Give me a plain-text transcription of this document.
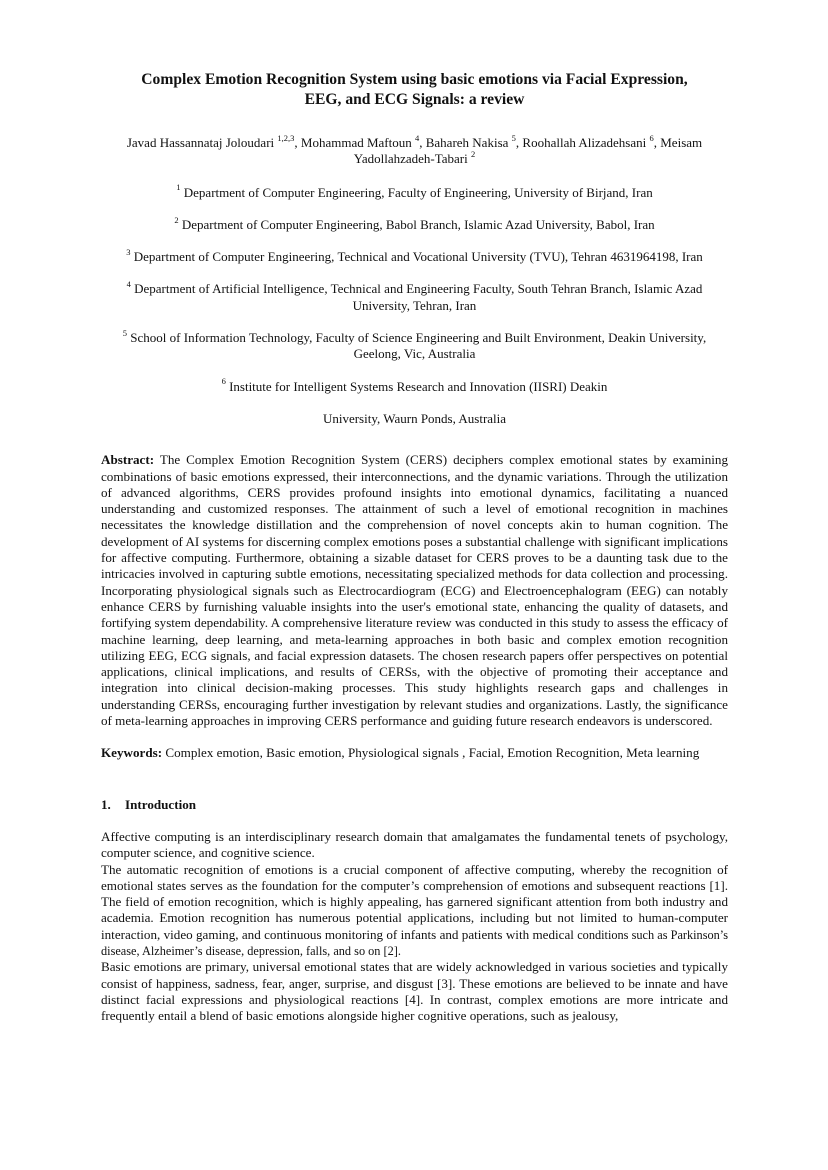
Complex Emotion Recognition System using basic emotions via Facial Expression, EEG, and ECG Signals: a review
Javad Hassannataj Joloudari $^{1,2,3}$, Mohammad Maftoun $^4$, Bahareh Nakisa $^5$, Roohallah Alizadehsani $^6$, Meisam Yadollahzadeh-Tabari $^2$
$^1$ Department of Computer Engineering, Faculty of Engineering, University of Birjand, Iran
$^2$ Department of Computer Engineering, Babol Branch, Islamic Azad University, Babol, Iran
$^3$ Department of Computer Engineering, Technical and Vocational University (TVU), Tehran 4631964198, Iran
$^4$ Department of Artificial Intelligence, Technical and Engineering Faculty, South Tehran Branch, Islamic Azad University, Tehran, Iran
$^5$ School of Information Technology, Faculty of Science Engineering and Built Environment, Deakin University, Geelong, Vic, Australia
$^6$ Institute for Intelligent Systems Research and Innovation (IISRI) Deakin
University, Waurn Ponds, Australia
Abstract: The Complex Emotion Recognition System (CERS) deciphers complex emotional states by examining combinations of basic emotions expressed, their interconnections, and the dynamic variations. Through the utilization of advanced algorithms, CERS provides profound insights into emotional dynamics, facilitating a nuanced understanding and customized responses. The attainment of such a level of emotional recognition in machines necessitates the knowledge distillation and the comprehension of novel concepts akin to human cognition. The development of AI systems for discerning complex emotions poses a substantial challenge with significant implications for affective computing. Furthermore, obtaining a sizable dataset for CERS proves to be a daunting task due to the intricacies involved in capturing subtle emotions, necessitating specialized methods for data collection and processing. Incorporating physiological signals such as Electrocardiogram (ECG) and Electroencephalogram (EEG) can notably enhance CERS by furnishing valuable insights into the user's emotional state, enhancing the quality of datasets, and fortifying system dependability. A comprehensive literature review was conducted in this study to assess the efficacy of machine learning, deep learning, and meta-learning approaches in both basic and complex emotion recognition utilizing EEG, ECG signals, and facial expression datasets. The chosen research papers offer perspectives on potential applications, clinical implications, and results of CERSs, with the objective of promoting their acceptance and integration into clinical decision-making processes. This study highlights research gaps and challenges in understanding CERSs, encouraging further investigation by relevant studies and organizations. Lastly, the significance of meta-learning approaches in improving CERS performance and guiding future research endeavors is underscored.
Keywords: Complex emotion, Basic emotion, Physiological signals , Facial, Emotion Recognition, Meta learning
1. Introduction
Affective computing is an interdisciplinary research domain that amalgamates the fundamental tenets of psychology, computer science, and cognitive science.
The automatic recognition of emotions is a crucial component of affective computing, whereby the recognition of emotional states serves as the foundation for the computer’s comprehension of emotions and subsequent reactions [1]. The field of emotion recognition, which is highly appealing, has garnered significant attention from both industry and academia. Emotion recognition has numerous potential applications, including but not limited to human-computer interaction, video gaming, and continuous monitoring of infants and patients with medical conditions such as Parkinson’s disease, Alzheimer’s disease, depression, falls, and so on [2].
Basic emotions are primary, universal emotional states that are widely acknowledged in various societies and typically consist of happiness, sadness, fear, anger, surprise, and disgust [3]. These emotions are believed to be innate and have distinct facial expressions and physiological reactions [4]. In contrast, complex emotions are more intricate and frequently entail a blend of basic emotions alongside higher cognitive operations, such as jealousy,
